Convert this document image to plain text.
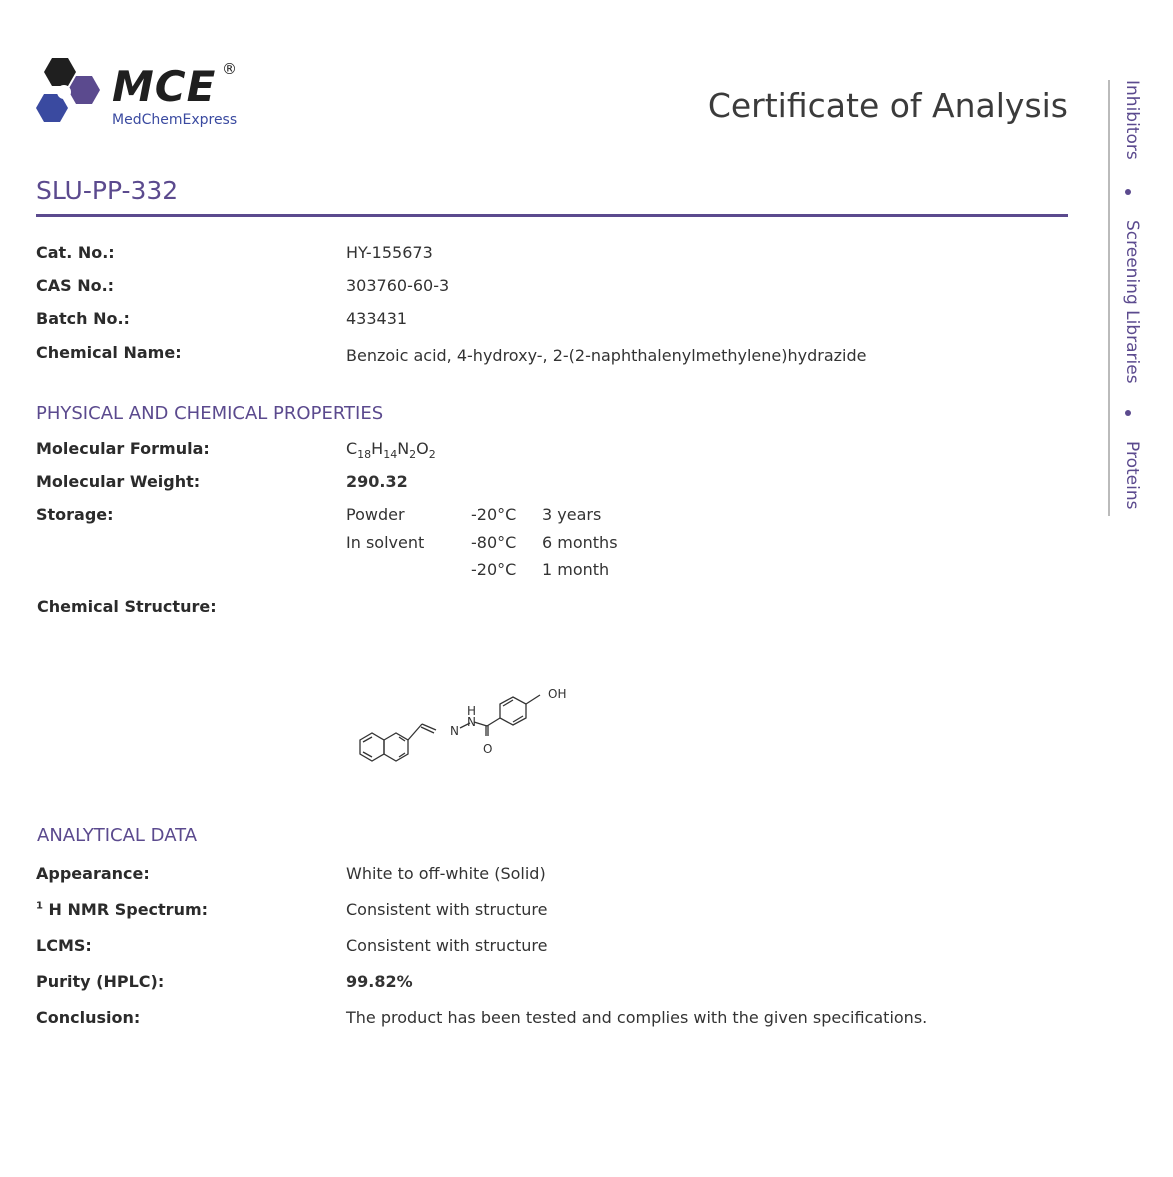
MCE
MedChemExpress
®
Certificate of Analysis
SLU-PP-332
Cat. No.:	HY-155673
CAS No.:	303760-60-3
Batch No.:	433431
Chemical Name:	Benzoic acid, 4-hydroxy-, 2-(2-naphthalenylmethylene)hydrazide
PHYSICAL AND CHEMICAL PROPERTIES
Molecular Formula:	$C_{18}H_{14}N_2O_2$
Molecular Weight:	290.32
Storage:	Powder	-20°C 3 years
In solvent	-80°C 6 months
-20°C 1 month
Chemical Structure:
OH
H
N
N
O
ANALYTICAL DATA
Appearance:	White to off-white (Solid)
$^1$ H NMR Spectrum:	Consistent with structure
LCMS:	Consistent with structure
Purity (HPLC):	99.82%
Conclusion:	The product has been tested and complies with the given specifications.
Inhibitors
Screening Libraries
Proteins
